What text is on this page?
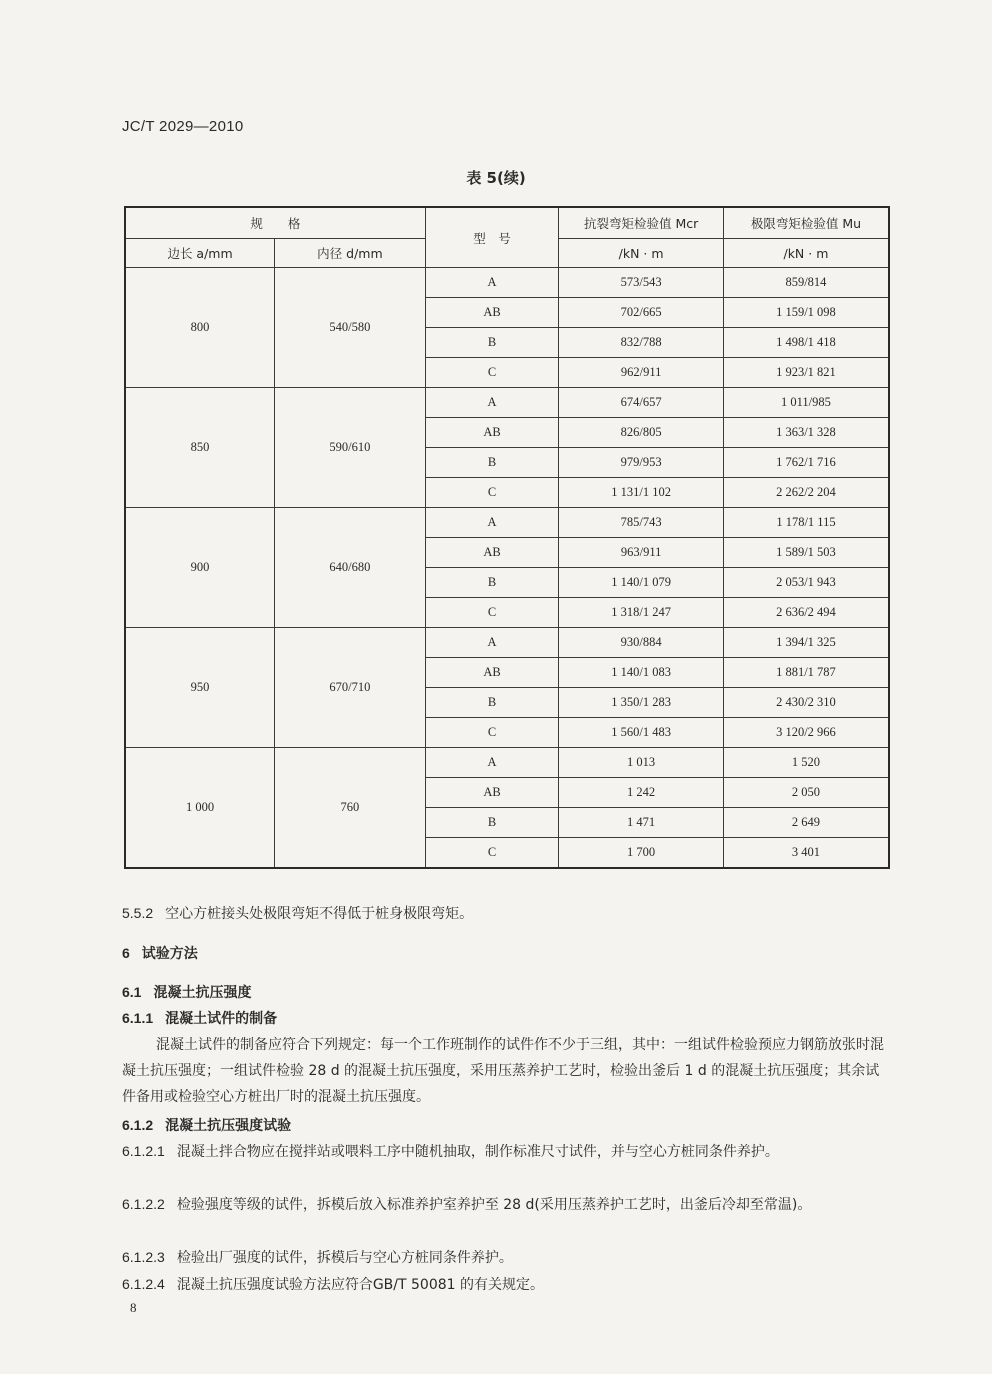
JC/T 2029—2010
表 5(续)
规　　格		型　号	抗裂弯矩检验值 Mcr	极限弯矩检验值 Mu
边长 a/mm	内径 d/mm		/kN · m	/kN · m
800	540/580	A	573/543	859/814
		AB	702/665	1 159/1 098
		B	832/788	1 498/1 418
		C	962/911	1 923/1 821
850	590/610	A	674/657	1 011/985
		AB	826/805	1 363/1 328
		B	979/953	1 762/1 716
		C	1 131/1 102	2 262/2 204
900	640/680	A	785/743	1 178/1 115
		AB	963/911	1 589/1 503
		B	1 140/1 079	2 053/1 943
		C	1 318/1 247	2 636/2 494
950	670/710	A	930/884	1 394/1 325
		AB	1 140/1 083	1 881/1 787
		B	1 350/1 283	2 430/2 310
		C	1 560/1 483	3 120/2 966
1 000	760	A	1 013	1 520
		AB	1 242	2 050
		B	1 471	2 649
		C	1 700	3 401

5.5.2 空心方桩接头处极限弯矩不得低于桩身极限弯矩。

6 试验方法

6.1 混凝土抗压强度

6.1.1 混凝土试件的制备

混凝土试件的制备应符合下列规定：每一个工作班制作的试件作不少于三组，其中：一组试件检验预应力钢筋放张时混凝土抗压强度；一组试件检验 28 d 的混凝土抗压强度，采用压蒸养护工艺时，检验出釜后 1 d 的混凝土抗压强度；其余试件备用或检验空心方桩出厂时的混凝土抗压强度。

6.1.2 混凝土抗压强度试验

6.1.2.1 混凝土拌合物应在搅拌站或喂料工序中随机抽取，制作标准尺寸试件，并与空心方桩同条件养护。

6.1.2.2 检验强度等级的试件，拆模后放入标准养护室养护至 28 d(采用压蒸养护工艺时，出釜后冷却至常温)。

6.1.2.3 检验出厂强度的试件，拆模后与空心方桩同条件养护。

6.1.2.4 混凝土抗压强度试验方法应符合GB/T 50081 的有关规定。

8
